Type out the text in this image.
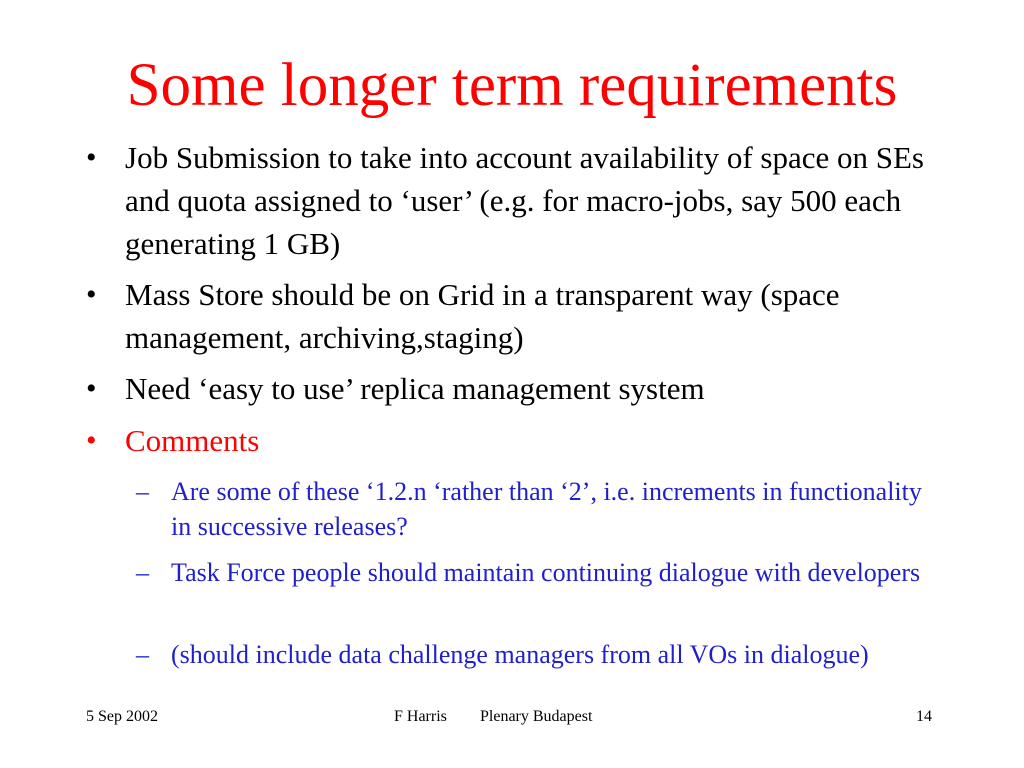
Some longer term requirements
• Job Submission to take into account availability of space on SEs and quota assigned to ‘user’ (e.g. for macro-jobs, say 500 each generating 1 GB)
• Mass Store should be on Grid in a transparent way (space management, archiving,staging)
• Need ‘easy to use’ replica management system
• Comments
– Are some of these ‘1.2.n ‘rather than ‘2’, i.e. increments in functionality in successive releases?
– Task Force people should maintain continuing dialogue with developers
– (should include data challenge managers from all VOs in dialogue)
5 Sep 2002	F Harris Plenary Budapest	14
